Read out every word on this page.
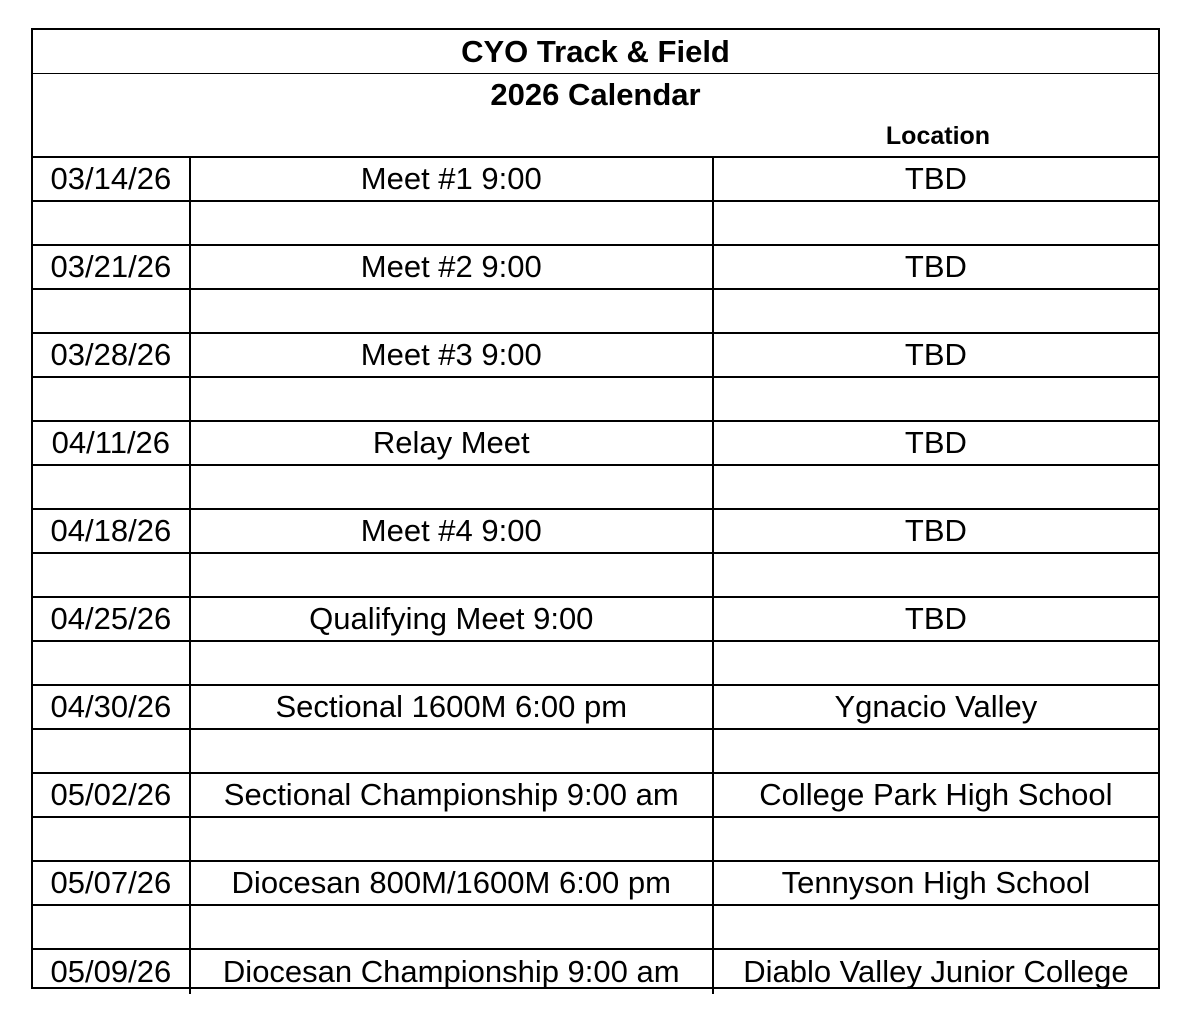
CYO Track & Field
2026 Calendar
Location
03/14/26	Meet #1 9:00	TBD
03/21/26	Meet #2 9:00	TBD
03/28/26	Meet #3 9:00	TBD
04/11/26	Relay Meet	TBD
04/18/26	Meet #4 9:00	TBD
04/25/26	Qualifying Meet 9:00	TBD
04/30/26	Sectional 1600M 6:00 pm	Ygnacio Valley
05/02/26	Sectional Championship 9:00 am	College Park High School
05/07/26	Diocesan 800M/1600M 6:00 pm	Tennyson High School
05/09/26	Diocesan Championship 9:00 am	Diablo Valley Junior College
